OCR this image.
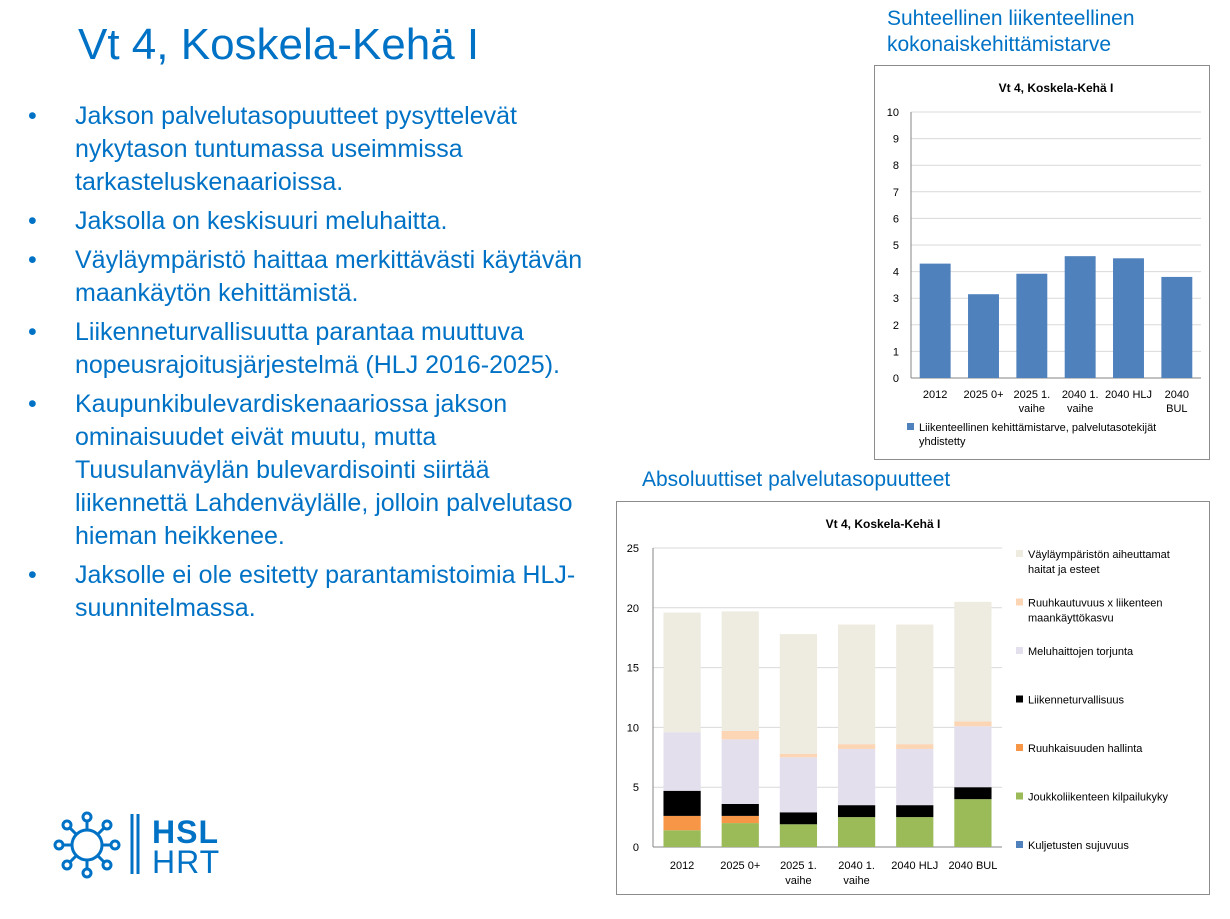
Vt 4, Koskela-Kehä I
• Jakson palvelutasopuutteet pysyttelevät nykytason tuntumassa useimmissa tarkasteluskenaarioissa.
• Jaksolla on keskisuuri meluhaitta.
• Väyläympäristö haittaa merkittävästi käytävän maankäytön kehittämistä.
• Liikenneturvallisuutta parantaa muuttuva nopeusrajoitusjärjestelmä (HLJ 2016-2025).
• Kaupunkibulevardiskenaariossa jakson ominaisuudet eivät muutu, mutta Tuusulanväylän bulevardisointi siirtää liikennettä Lahdenväylälle, jolloin palvelutaso hieman heikkenee.
• Jaksolle ei ole esitetty parantamistoimia HLJ-suunnitelmassa.
Suhteellinen liikenteellinen
kokonaiskehittämistarve
Vt 4, Koskela-Kehä I
0
1
2
3
4
5
6
7
8
9
10
2012 2025 0+ 2025 1.
vaihe
2040 1.
vaihe
2040 HLJ 2040
BUL
Liikenteellinen kehittämistarve, palvelutasotekijät
yhdistetty
Absoluuttiset palvelutasopuutteet
Vt 4, Koskela-Kehä I
0
5
10
15
20
25
2012 2025 0+ 2025 1.
vaihe
2040 1.
vaihe
2040 HLJ 2040 BUL
Väyläympäristön aiheuttamat
haitat ja esteet
Ruuhkautuvuus x liikenteen
maankäyttökasvu
Meluhaittojen torjunta
Liikenneturvallisuus
Ruuhkaisuuden hallinta
Joukkoliikenteen kilpailukyky
Kuljetusten sujuvuus
HSL
HRT
